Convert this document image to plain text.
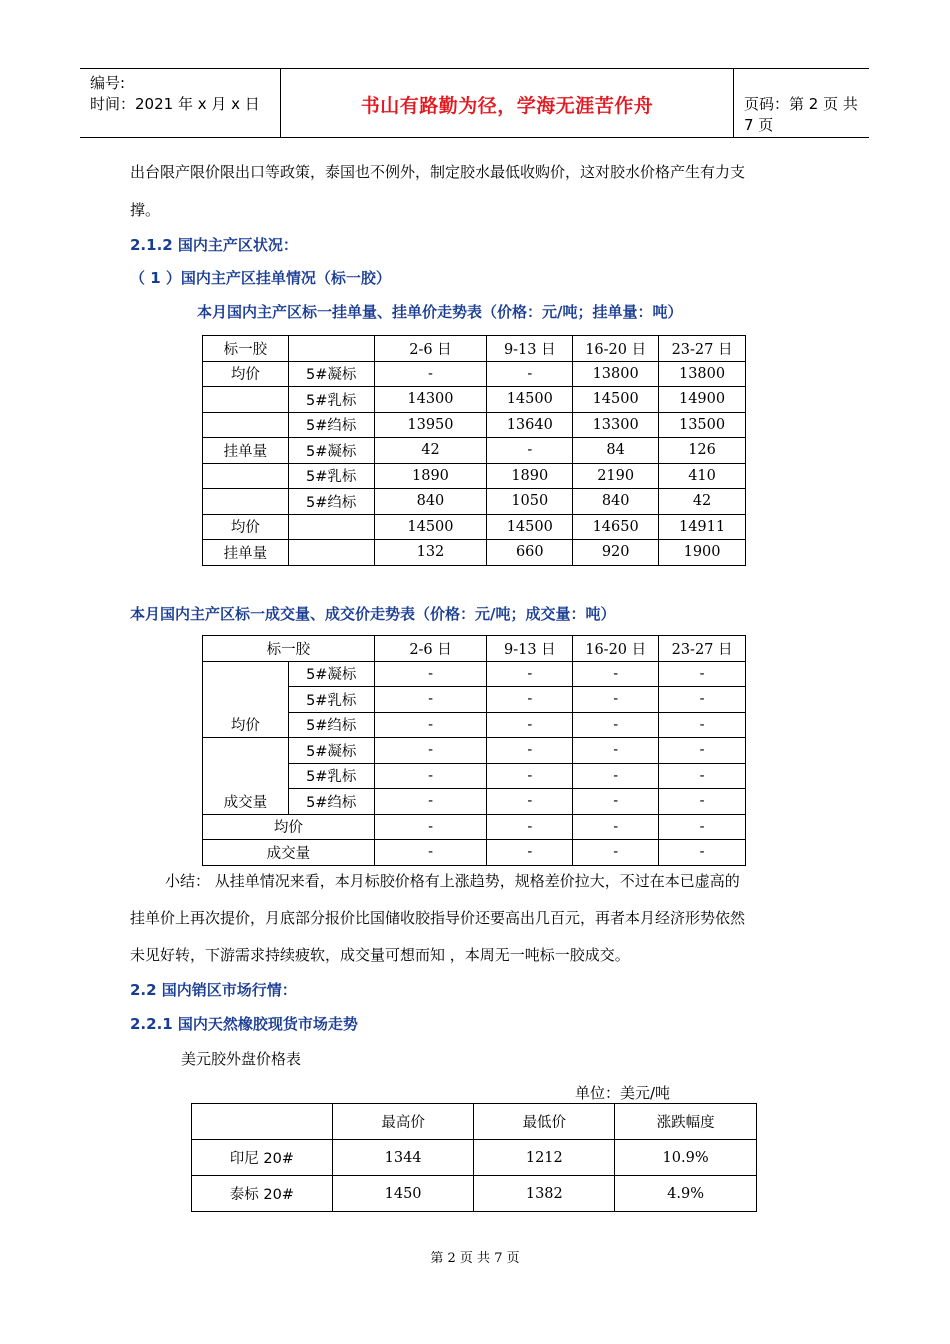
编号:
时间：2021 年 x 月 x 日	书山有路勤为径，学海无涯苦作舟	页码：第 2 页 共 7 页
出台限产限价限出口等政策，泰国也不例外，制定胶水最低收购价，这对胶水价格产生有力支
撑。
2.1.2 国内主产区状况：
（ 1 ）国内主产区挂单情况（标一胶）
本月国内主产区标一挂单量、挂单价走势表（价格：元/吨；挂单量：吨）
标一胶		2-6 日	9-13 日	16-20 日	23-27 日
均价	5#凝标	-	-	13800	13800
	5#乳标	14300	14500	14500	14900
	5#绉标	13950	13640	13300	13500
挂单量	5#凝标	42	-	84	126
	5#乳标	1890	1890	2190	410
	5#绉标	840	1050	840	42
均价		14500	14500	14650	14911
挂单量		132	660	920	1900
本月国内主产区标一成交量、成交价走势表（价格：元/吨；成交量：吨）
标一胶		2-6 日	9-13 日	16-20 日	23-27 日
均价	5#凝标	-	-	-	-
	5#乳标	-	-	-	-
	5#绉标	-	-	-	-
成交量	5#凝标	-	-	-	-
	5#乳标	-	-	-	-
	5#绉标	-	-	-	-
均价		-	-	-	-
成交量		-	-	-	-
小结： 从挂单情况来看，本月标胶价格有上涨趋势，规格差价拉大，不过在本已虚高的
挂单价上再次提价，月底部分报价比国储收胶指导价还要高出几百元，再者本月经济形势依然
未见好转，下游需求持续疲软，成交量可想而知 ，本周无一吨标一胶成交。
2.2 国内销区市场行情：
2.2.1 国内天然橡胶现货市场走势
美元胶外盘价格表
单位：美元/吨
	最高价	最低价	涨跌幅度
印尼 20#	1344	1212	10.9%
泰标 20#	1450	1382	4.9%
第 2 页 共 7 页
